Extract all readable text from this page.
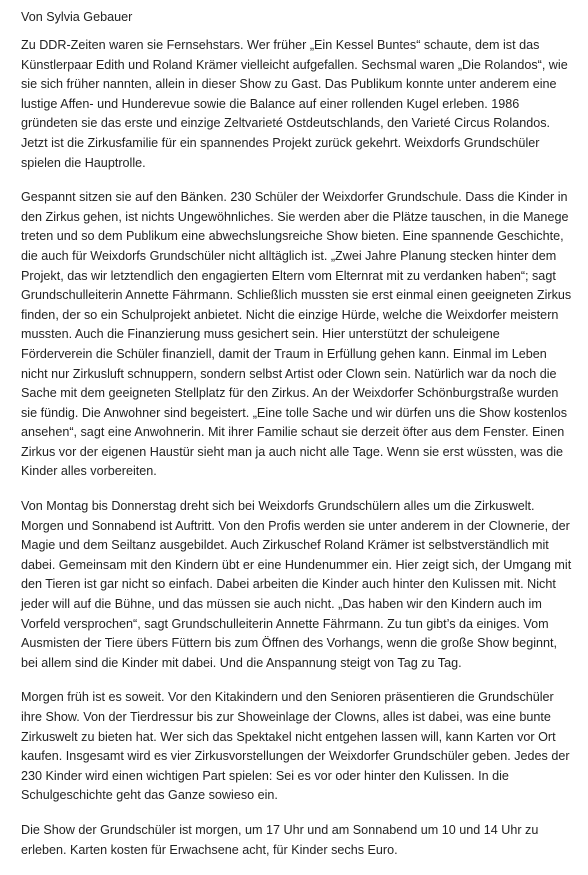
Von Sylvia Gebauer

Zu DDR-Zeiten waren sie Fernsehstars. Wer früher „Ein Kessel Buntes“ schaute, dem ist das Künstlerpaar Edith und Roland Krämer vielleicht aufgefallen. Sechsmal waren „Die Rolandos“, wie sie sich früher nannten, allein in dieser Show zu Gast. Das Publikum konnte unter anderem eine lustige Affen- und Hunderevue sowie die Balance auf einer rollenden Kugel erleben. 1986 gründeten sie das erste und einzige Zeltvarieté Ostdeutschlands, den Varieté Circus Rolandos. Jetzt ist die Zirkusfamilie für ein spannendes Projekt zurück gekehrt. Weixdorfs Grundschüler spielen die Hauptrolle.

Gespannt sitzen sie auf den Bänken. 230 Schüler der Weixdorfer Grundschule. Dass die Kinder in den Zirkus gehen, ist nichts Ungewöhnliches. Sie werden aber die Plätze tauschen, in die Manege treten und so dem Publikum eine abwechslungsreiche Show bieten. Eine spannende Geschichte, die auch für Weixdorfs Grundschüler nicht alltäglich ist. „Zwei Jahre Planung stecken hinter dem Projekt, das wir letztendlich den engagierten Eltern vom Elternrat mit zu verdanken haben“; sagt Grundschulleiterin Annette Fährmann. Schließlich mussten sie erst einmal einen geeigneten Zirkus finden, der so ein Schulprojekt anbietet. Nicht die einzige Hürde, welche die Weixdorfer meistern mussten. Auch die Finanzierung muss gesichert sein. Hier unterstützt der schuleigene Förderverein die Schüler finanziell, damit der Traum in Erfüllung gehen kann. Einmal im Leben nicht nur Zirkusluft schnuppern, sondern selbst Artist oder Clown sein. Natürlich war da noch die Sache mit dem geeigneten Stellplatz für den Zirkus. An der Weixdorfer Schönburgstraße wurden sie fündig. Die Anwohner sind begeistert. „Eine tolle Sache und wir dürfen uns die Show kostenlos ansehen“, sagt eine Anwohnerin. Mit ihrer Familie schaut sie derzeit öfter aus dem Fenster. Einen Zirkus vor der eigenen Haustür sieht man ja auch nicht alle Tage. Wenn sie erst wüssten, was die Kinder alles vorbereiten.

Von Montag bis Donnerstag dreht sich bei Weixdorfs Grundschülern alles um die Zirkuswelt. Morgen und Sonnabend ist Auftritt. Von den Profis werden sie unter anderem in der Clownerie, der Magie und dem Seiltanz ausgebildet. Auch Zirkuschef Roland Krämer ist selbstverständlich mit dabei. Gemeinsam mit den Kindern übt er eine Hundenummer ein. Hier zeigt sich, der Umgang mit den Tieren ist gar nicht so einfach. Dabei arbeiten die Kinder auch hinter den Kulissen mit. Nicht jeder will auf die Bühne, und das müssen sie auch nicht. „Das haben wir den Kindern auch im Vorfeld versprochen“, sagt Grundschulleiterin Annette Fährmann. Zu tun gibt’s da einiges. Vom Ausmisten der Tiere übers Füttern bis zum Öffnen des Vorhangs, wenn die große Show beginnt, bei allem sind die Kinder mit dabei. Und die Anspannung steigt von Tag zu Tag.

Morgen früh ist es soweit. Vor den Kitakindern und den Senioren präsentieren die Grundschüler ihre Show. Von der Tierdressur bis zur Showeinlage der Clowns, alles ist dabei, was eine bunte Zirkuswelt zu bieten hat. Wer sich das Spektakel nicht entgehen lassen will, kann Karten vor Ort kaufen. Insgesamt wird es vier Zirkusvorstellungen der Weixdorfer Grundschüler geben. Jedes der 230 Kinder wird einen wichtigen Part spielen: Sei es vor oder hinter den Kulissen. In die Schulgeschichte geht das Ganze sowieso ein.

Die Show der Grundschüler ist morgen, um 17 Uhr und am Sonnabend um 10 und 14 Uhr zu erleben. Karten kosten für Erwachsene acht, für Kinder sechs Euro.
